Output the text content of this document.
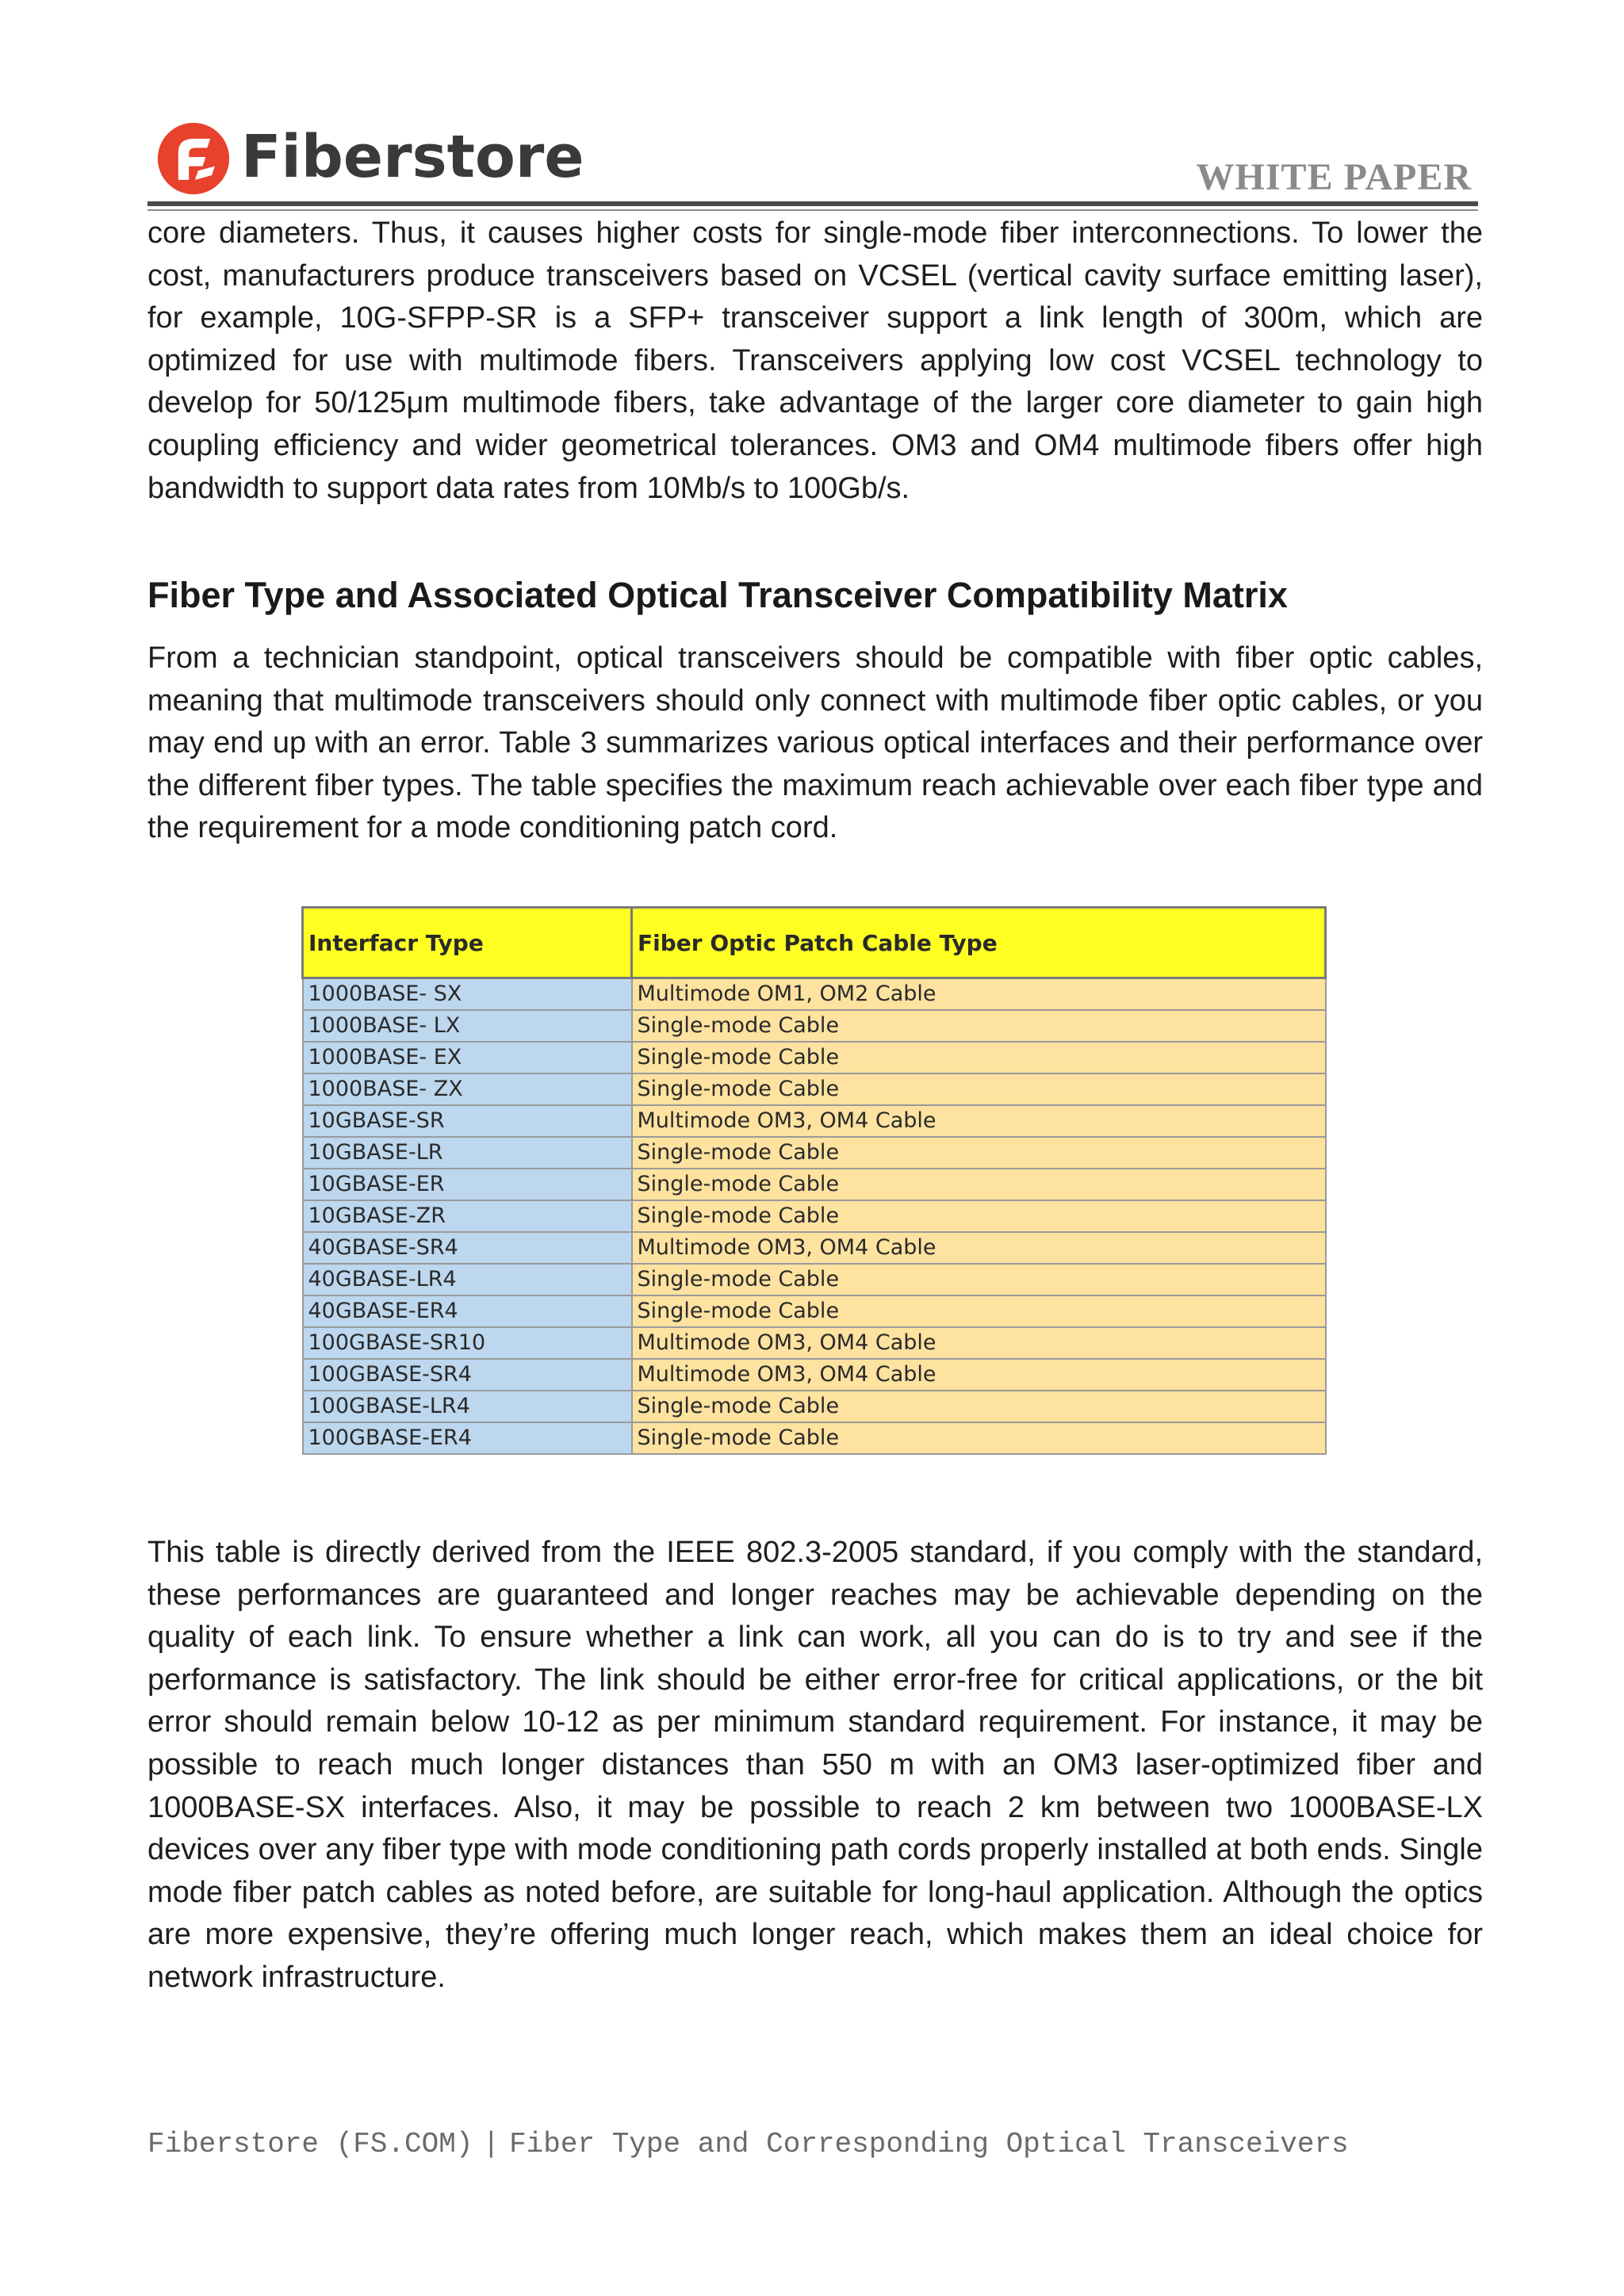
Fiberstore	WHITE PAPER

core diameters. Thus, it causes higher costs for single-mode fiber interconnections. To lower the cost, manufacturers produce transceivers based on VCSEL (vertical cavity surface emitting laser), for example, 10G-SFPP-SR is a SFP+ transceiver support a link length of 300m, which are optimized for use with multimode fibers. Transceivers applying low cost VCSEL technology to develop for 50/125μm multimode fibers, take advantage of the larger core diameter to gain high coupling efficiency and wider geometrical tolerances. OM3 and OM4 multimode fibers offer high bandwidth to support data rates from 10Mb/s to 100Gb/s.

Fiber Type and Associated Optical Transceiver Compatibility Matrix

From a technician standpoint, optical transceivers should be compatible with fiber optic cables, meaning that multimode transceivers should only connect with multimode fiber optic cables, or you may end up with an error. Table 3 summarizes various optical interfaces and their performance over the different fiber types. The table specifies the maximum reach achievable over each fiber type and the requirement for a mode conditioning patch cord.

Interfacr Type	Fiber Optic Patch Cable Type
1000BASE- SX	Multimode OM1, OM2 Cable
1000BASE- LX	Single-mode Cable
1000BASE- EX	Single-mode Cable
1000BASE- ZX	Single-mode Cable
10GBASE-SR	Multimode OM3, OM4 Cable
10GBASE-LR	Single-mode Cable
10GBASE-ER	Single-mode Cable
10GBASE-ZR	Single-mode Cable
40GBASE-SR4	Multimode OM3, OM4 Cable
40GBASE-LR4	Single-mode Cable
40GBASE-ER4	Single-mode Cable
100GBASE-SR10	Multimode OM3, OM4 Cable
100GBASE-SR4	Multimode OM3, OM4 Cable
100GBASE-LR4	Single-mode Cable
100GBASE-ER4	Single-mode Cable

This table is directly derived from the IEEE 802.3-2005 standard, if you comply with the standard, these performances are guaranteed and longer reaches may be achievable depending on the quality of each link. To ensure whether a link can work, all you can do is to try and see if the performance is satisfactory. The link should be either error-free for critical applications, or the bit error should remain below 10-12 as per minimum standard requirement. For instance, it may be possible to reach much longer distances than 550 m with an OM3 laser-optimized fiber and 1000BASE-SX interfaces. Also, it may be possible to reach 2 km between two 1000BASE-LX devices over any fiber type with mode conditioning path cords properly installed at both ends. Single mode fiber patch cables as noted before, are suitable for long-haul application. Although the optics are more expensive, they’re offering much longer reach, which makes them an ideal choice for network infrastructure.

Fiberstore (FS.COM) | Fiber Type and Corresponding Optical Transceivers
